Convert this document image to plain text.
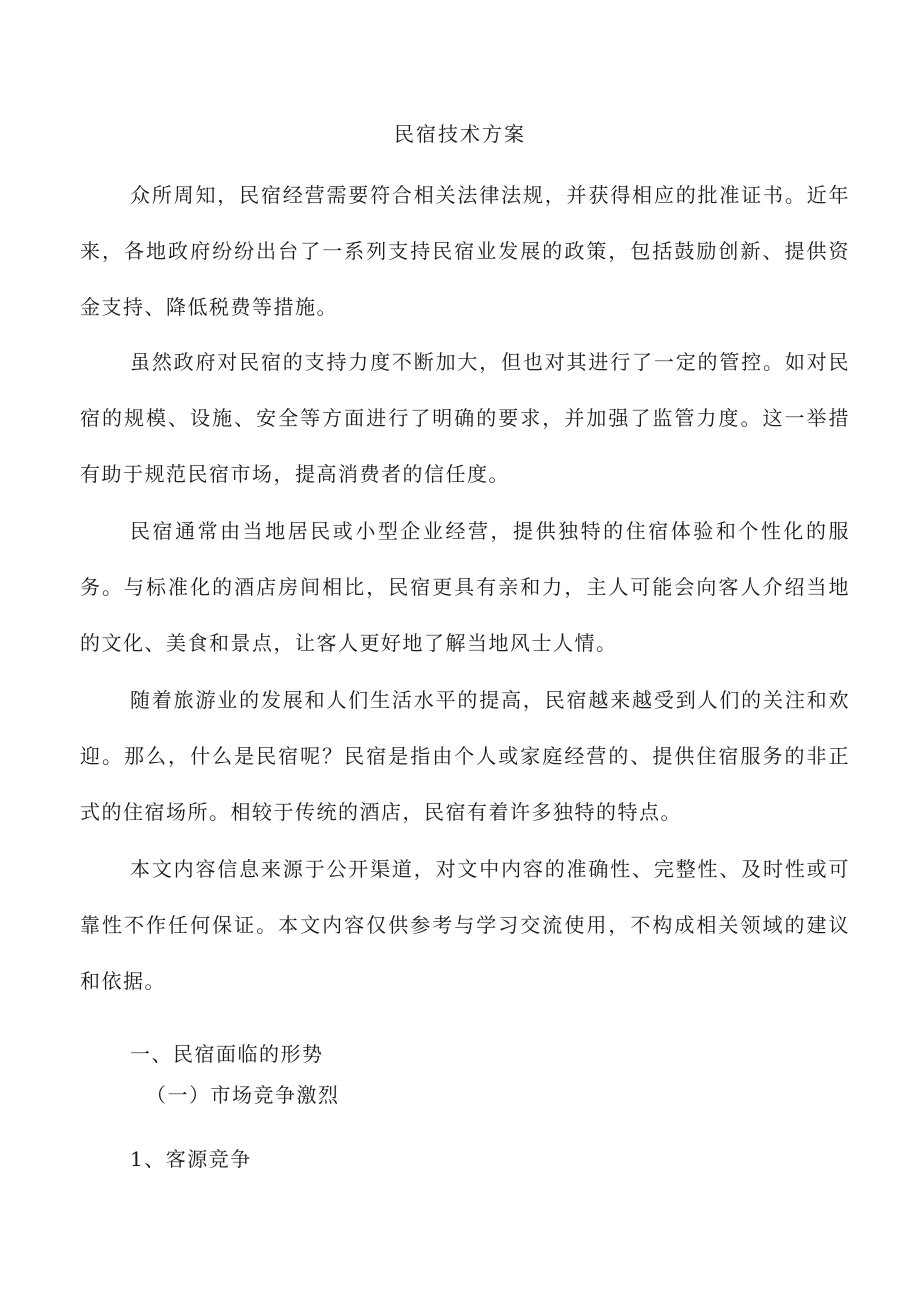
民宿技术方案

众所周知，民宿经营需要符合相关法律法规，并获得相应的批准证书。近年来，各地政府纷纷出台了一系列支持民宿业发展的政策，包括鼓励创新、提供资金支持、降低税费等措施。

虽然政府对民宿的支持力度不断加大，但也对其进行了一定的管控。如对民宿的规模、设施、安全等方面进行了明确的要求，并加强了监管力度。这一举措有助于规范民宿市场，提高消费者的信任度。

民宿通常由当地居民或小型企业经营，提供独特的住宿体验和个性化的服务。与标准化的酒店房间相比，民宿更具有亲和力，主人可能会向客人介绍当地的文化、美食和景点，让客人更好地了解当地风士人情。

随着旅游业的发展和人们生活水平的提高，民宿越来越受到人们的关注和欢迎。那么，什么是民宿呢？民宿是指由个人或家庭经营的、提供住宿服务的非正式的住宿场所。相较于传统的酒店，民宿有着许多独特的特点。

本文内容信息来源于公开渠道，对文中内容的准确性、完整性、及时性或可靠性不作任何保证。本文内容仅供参考与学习交流使用，不构成相关领域的建议和依据。

一、民宿面临的形势
（一）市场竞争激烈
1、客源竞争
